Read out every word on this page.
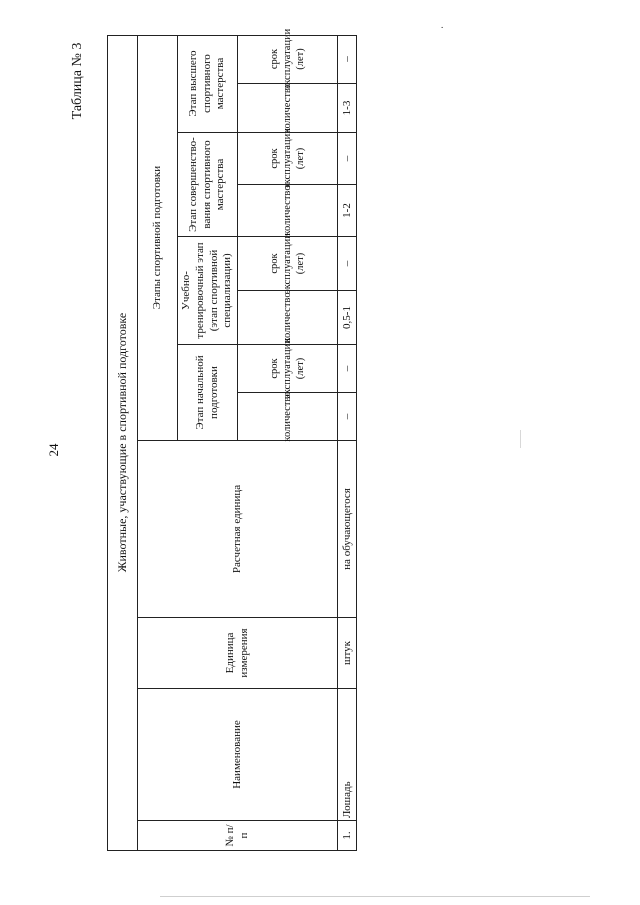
24
Таблица № 3
.
Животные, участвующие в спортивной подготовке
№ п/п
Наименование
Единица измерения
Расчетная единица
Этапы спортивной подготовки
Этап начальной подготовки
Учебно-тренировочный этап (этап спортивной специализации)
Этап совершенство-вания спортивного мастерства
Этап высшего спортивного мастерства
количество
срок эксплуатации (лет)
количество
срок эксплуатации (лет)
количество
срок эксплуатации (лет)
количество
срок эксплуатации (лет)
1.
Лошадь
штук
на обучающегося
–
–
0,5-1
–
1-2
–
1-3
–
